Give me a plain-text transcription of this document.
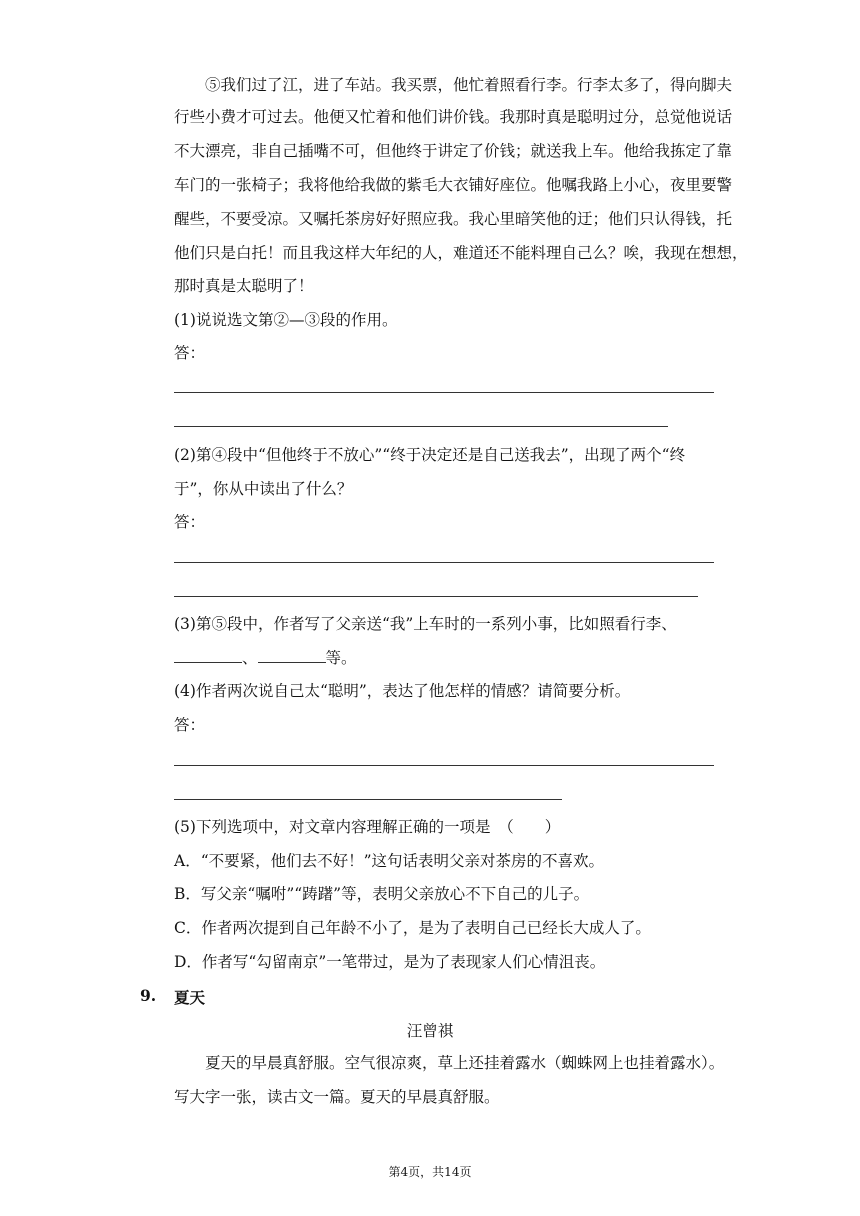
⑤我们过了江，进了车站。我买票，他忙着照看行李。行李太多了，得向脚夫
行些小费才可过去。他便又忙着和他们讲价钱。我那时真是聪明过分，总觉他说话
不大漂亮，非自己插嘴不可，但他终于讲定了价钱；就送我上车。他给我拣定了靠
车门的一张椅子；我将他给我做的紫毛大衣铺好座位。他嘱我路上小心，夜里要警
醒些，不要受凉。又嘱托茶房好好照应我。我心里暗笑他的迂；他们只认得钱，托
他们只是白托！而且我这样大年纪的人，难道还不能料理自己么？唉，我现在想想，
那时真是太聪明了！
(1)说说选文第②—③段的作用。
答：
(2)第④段中“但他终于不放心”“终于决定还是自己送我去”，出现了两个“终
于”，你从中读出了什么？
答：
(3)第⑤段中，作者写了父亲送“我”上车时的一系列小事，比如照看行李、
、	等。
(4)作者两次说自己太“聪明”，表达了他怎样的情感？请简要分析。
答：
(5)下列选项中，对文章内容理解正确的一项是　（　　）
A．“不要紧，他们去不好！”这句话表明父亲对茶房的不喜欢。
B．写父亲“嘱咐”“踌躇”等，表明父亲放心不下自己的儿子。
C．作者两次提到自己年龄不小了，是为了表明自己已经长大成人了。
D．作者写“勾留南京”一笔带过，是为了表现家人们心情沮丧。
9. 夏天
汪曾祺
夏天的早晨真舒服。空气很凉爽，草上还挂着露水（蜘蛛网上也挂着露水）。
写大字一张，读古文一篇。夏天的早晨真舒服。
第4页，共14页
